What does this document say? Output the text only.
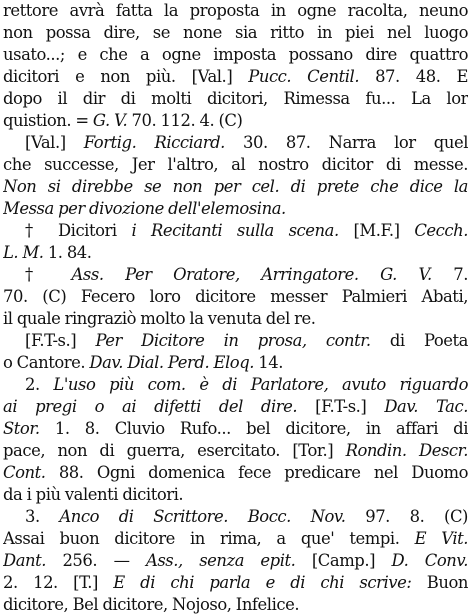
rettore avrà fatta la proposta in ogne racolta, neuno
non possa dire, se none sia ritto in piei nel luogo
usato...; e che a ogne imposta possano dire quattro
dicitori e non più. [Val.] Pucc. Centil. 87. 48. E
dopo il dir di molti dicitori, Rimessa fu... La lor
quistion. = G. V. 70. 112. 4. (C)
[Val.] Fortig. Ricciard. 30. 87. Narra lor quel
che successe, Jer l'altro, al nostro dicitor di messe.
Non si direbbe se non per cel. di prete che dice la
Messa per divozione dell'elemosina.
† Dicitori i Recitanti sulla scena. [M.F.] Cecch.
L. M. 1. 84.
† Ass. Per Oratore, Arringatore. G. V. 7.
70. (C) Fecero loro dicitore messer Palmieri Abati,
il quale ringraziò molto la venuta del re.
[F.T-s.] Per Dicitore in prosa, contr. di Poeta
o Cantore. Dav. Dial. Perd. Eloq. 14.
2. L'uso più com. è di Parlatore, avuto riguardo
ai pregi o ai difetti del dire. [F.T-s.] Dav. Tac.
Stor. 1. 8. Cluvio Rufo... bel dicitore, in affari di
pace, non di guerra, esercitato. [Tor.] Rondin. Descr.
Cont. 88. Ogni domenica fece predicare nel Duomo
da i più valenti dicitori.
3. Anco di Scrittore. Bocc. Nov. 97. 8. (C)
Assai buon dicitore in rima, a que' tempi. E Vit.
Dant. 256. — Ass., senza epit. [Camp.] D. Conv.
2. 12. [T.] E di chi parla e di chi scrive: Buon
dicitore, Bel dicitore, Nojoso, Infelice.
